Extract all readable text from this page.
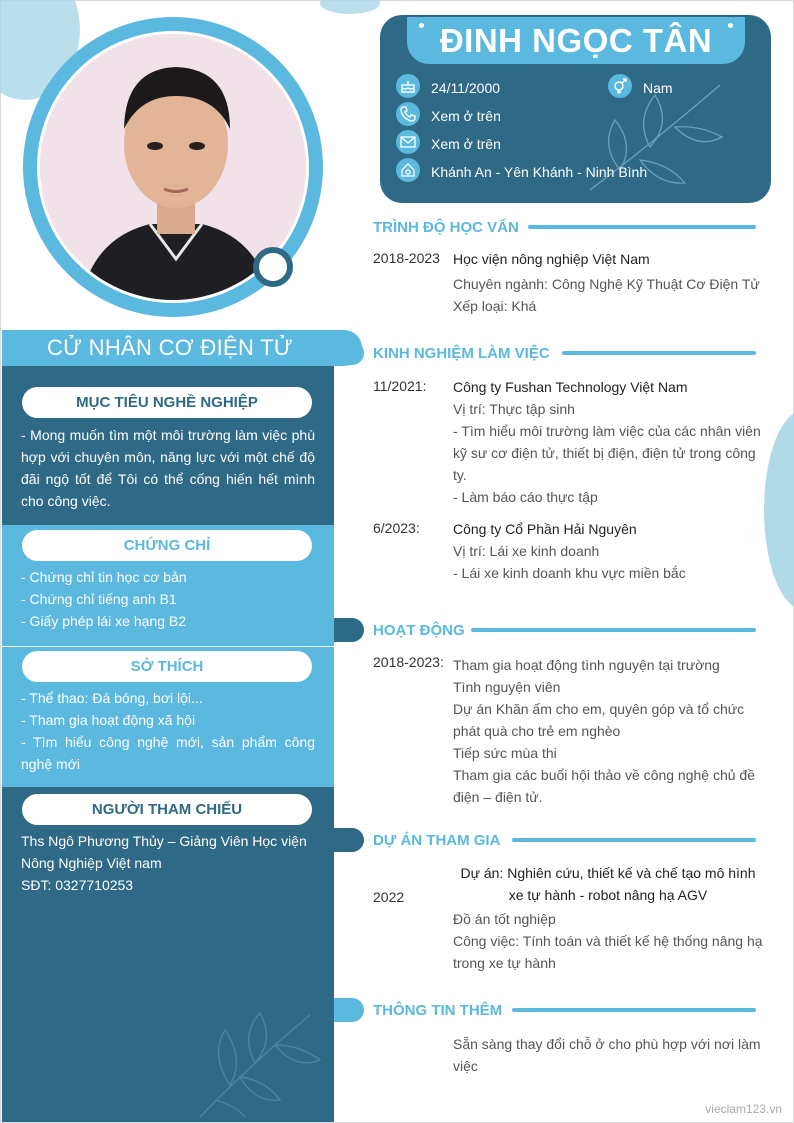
CỬ NHÂN CƠ ĐIỆN TỬ
MỤC TIÊU NGHỀ NGHIỆP
- Mong muốn tìm một môi trường làm việc phù hợp với chuyên môn, năng lực với một chế độ đãi ngộ tốt để Tôi có thể cống hiến hết mình cho công việc.
CHỨNG CHỈ
- Chứng chỉ tin học cơ bản
- Chứng chỉ tiếng anh B1
- Giấy phép lái xe hạng B2
SỞ THÍCH
- Thể thao: Đá bóng, bơi lội...
- Tham gia hoạt động xã hội
- Tìm hiểu công nghệ mới, sản phẩm công nghệ mới
NGƯỜI THAM CHIẾU
Ths Ngô Phương Thủy – Giảng Viên Học viện Nông Nghiệp Việt nam
SĐT: 0327710253
ĐINH NGỌC TÂN
24/11/2000	Nam
Xem ở trên
Xem ở trên
Khánh An - Yên Khánh - Ninh Bình
TRÌNH ĐỘ HỌC VẤN
2018-2023 Học viện nông nghiệp Việt Nam
Chuyên ngành: Công Nghệ Kỹ Thuật Cơ Điện Tử
Xếp loại: Khá
KINH NGHIỆM LÀM VIỆC
11/2021: Công ty Fushan Technology Việt Nam
Vị trí: Thực tập sinh
- Tìm hiểu môi trường làm việc của các nhân viên kỹ sư cơ điện tử, thiết bị điện, điện tử trong công ty.
- Làm báo cáo thực tập
6/2023: Công ty Cổ Phần Hải Nguyên
Vị trí: Lái xe kinh doanh
- Lái xe kinh doanh khu vực miền bắc
HOẠT ĐỘNG
2018-2023: Tham gia hoạt động tình nguyện tại trường
Tình nguyện viên
Dự án Khăn ấm cho em, quyên góp và tổ chức phát quà cho trẻ em nghèo
Tiếp sức mùa thi
Tham gia các buổi hội thảo về công nghệ chủ đề điện – điện tử.
DỰ ÁN THAM GIA
2022
Dự án: Nghiên cứu, thiết kế và chế tạo mô hình xe tự hành - robot nâng hạ AGV
Đồ án tốt nghiệp
Công việc: Tính toán và thiết kế hệ thống nâng hạ trong xe tự hành
THÔNG TIN THÊM
Sẵn sàng thay đổi chỗ ở cho phù hợp với nơi làm việc
vieclam123.vn
